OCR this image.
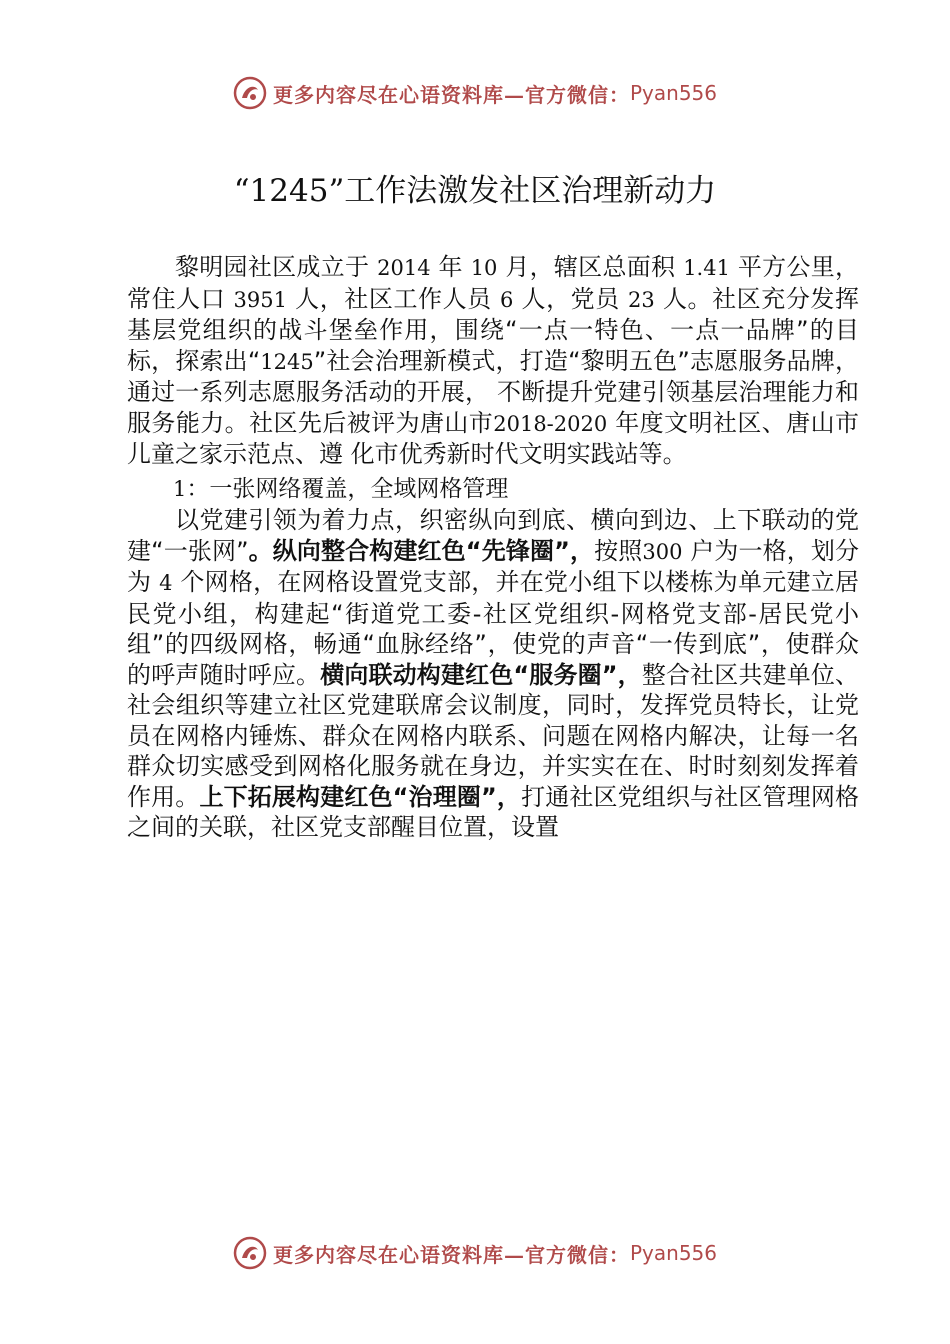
更多内容尽在心语资料库—官方微信： Pyan556
“1245”工作法激发社区治理新动力

黎明园社区成立于 2014 年 10 月，辖区总面积 1.41 平方公里，常住人口 3951 人，社区工作人员 6 人，党员 23 人。社区充分发挥基层党组织的战斗堡垒作用，围绕“一点一特色、一点一品牌”的目标，探索出“1245”社会治理新模式，打造“黎明五色”志愿服务品牌，通过一系列志愿服务活动的开展， 不断提升党建引领基层治理能力和服务能力。社区先后被评为唐山市2018-2020 年度文明社区、唐山市儿童之家示范点、遵 化市优秀新时代文明实践站等。

1：一张网络覆盖，全域网格管理

以党建引领为着力点，织密纵向到底、横向到边、上下联动的党建“一张网”。纵向整合构建红色“先锋圈”，按照300 户为一格，划分为 4 个网格，在网格设置党支部，并在党小组下以楼栋为单元建立居民党小组，构建起“街道党工委-社区党组织-网格党支部-居民党小组”的四级网格，畅通“血脉经络”，使党的声音“一传到底”，使群众的呼声随时呼应。横向联动构建红色“服务圈”，整合社区共建单位、社会组织等建立社区党建联席会议制度，同时，发挥党员特长，让党员在网格内锤炼、群众在网格内联系、问题在网格内解决，让每一名群众切实感受到网格化服务就在身边，并实实在在、时时刻刻发挥着作用。上下拓展构建红色“治理圈”，打通社区党组织与社区管理网格之间的关联，社区党支部醒目位置，设置

更多内容尽在心语资料库—官方微信： Pyan556
